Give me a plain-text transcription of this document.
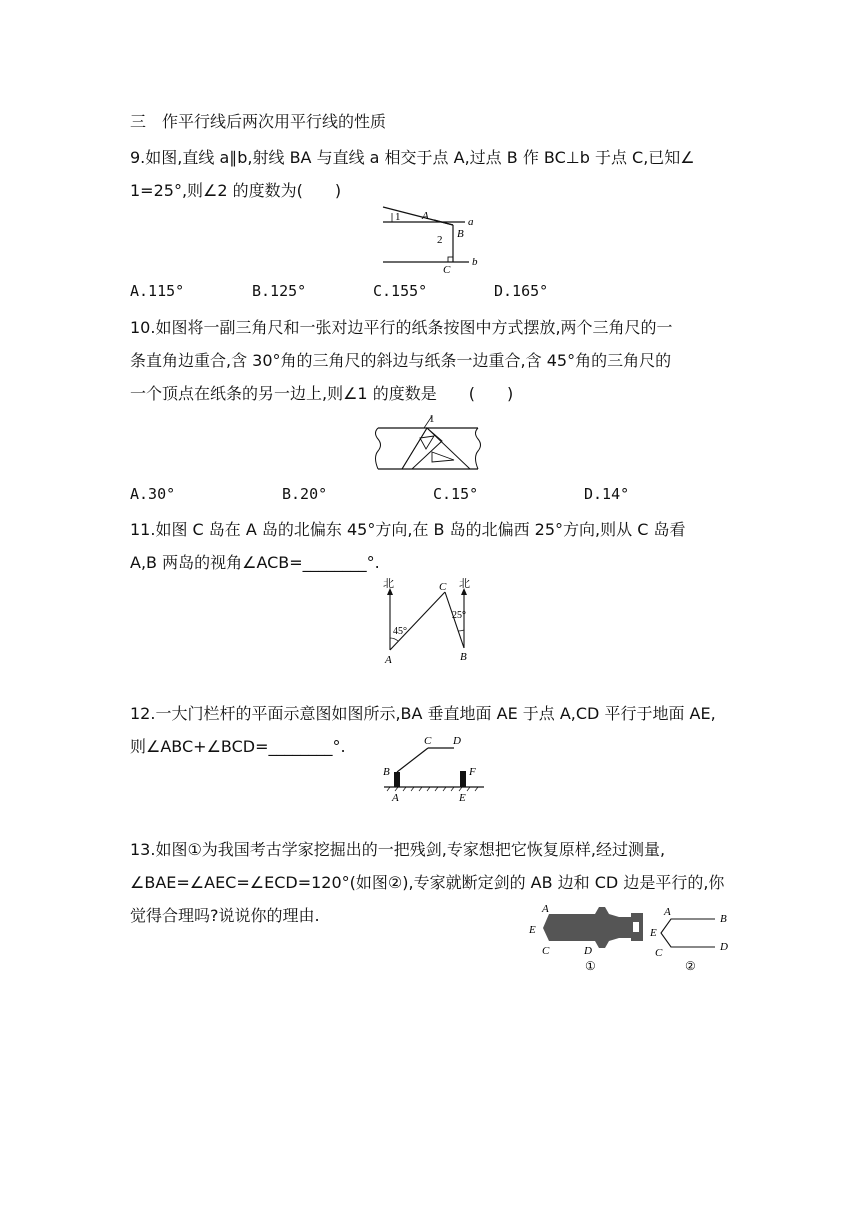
三　作平行线后两次用平行线的性质
9.如图,直线 a∥b,射线 BA 与直线 a 相交于点 A,过点 B 作 BC⊥b 于点 C,已知∠
1=25°,则∠2 的度数为(　　)
1 A	a
2 B
C
b
A.115°	B.125°	C.155°	D.165°
10.如图将一副三角尺和一张对边平行的纸条按图中方式摆放,两个三角尺的一
条直角边重合,含 30°角的三角尺的斜边与纸条一边重合,含 45°角的三角尺的
一个顶点在纸条的另一边上,则∠1 的度数是　　(　　)
1
A.30°	B.20°	C.15°	D.14°
11.如图 C 岛在 A 岛的北偏东 45°方向,在 B 岛的北偏西 25°方向,则从 C 岛看
A,B 两岛的视角∠ACB=________°.
北	北
C
45°
25°
A	B
12.一大门栏杆的平面示意图如图所示,BA 垂直地面 AE 于点 A,CD 平行于地面 AE,
则∠ABC+∠BCD=________°.	C D
B	F
A	E
13.如图①为我国考古学家挖掘出的一把残剑,专家想把它恢复原样,经过测量,
∠BAE=∠AEC=∠ECD=120°(如图②),专家就断定剑的 AB 边和 CD 边是平行的,你
觉得合理吗?说说你的理由.	A
E
C	D
①
A
B
E
C	D
②
